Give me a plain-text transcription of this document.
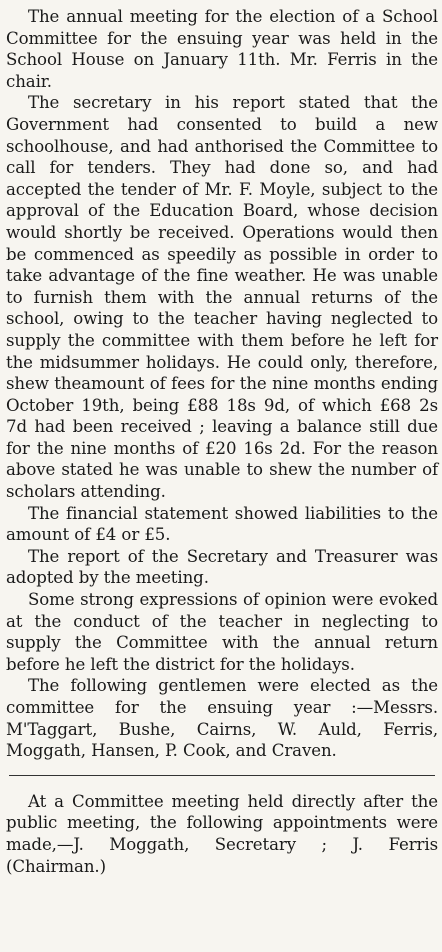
The annual meeting for the election of a School Committee for the ensuing year was held in the School House on January 11th. Mr. Ferris in the chair.

The secretary in his report stated that the Government had consented to build a new schoolhouse, and had anthorised the Committee to call for tenders. They had done so, and had accepted the tender of Mr. F. Moyle, subject to the approval of the Education Board, whose decision would shortly be received. Operations would then be commenced as speedily as possible in order to take advantage of the fine weather. He was unable to furnish them with the annual returns of the school, owing to the teacher having neglected to supply the committee with them before he left for the midsummer holidays. He could only, therefore, shew theamount of fees for the nine months ending October 19th, being £88 18s 9d, of which £68 2s 7d had been received ; leaving a balance still due for the nine months of £20 16s 2d. For the reason above stated he was unable to shew the number of scholars attending.

The financial statement showed liabilities to the amount of £4 or £5.

The report of the Secretary and Treasurer was adopted by the meeting.

Some strong expressions of opinion were evoked at the conduct of the teacher in neglecting to supply the Committee with the annual return before he left the district for the holidays.

The following gentlemen were elected as the committee for the ensuing year :—Messrs. M'Taggart, Bushe, Cairns, W. Auld, Ferris, Moggath, Hansen, P. Cook, and Craven.

At a Committee meeting held directly after the public meeting, the following appointments were made,—J. Moggath, Secretary ; J. Ferris (Chairman.)
